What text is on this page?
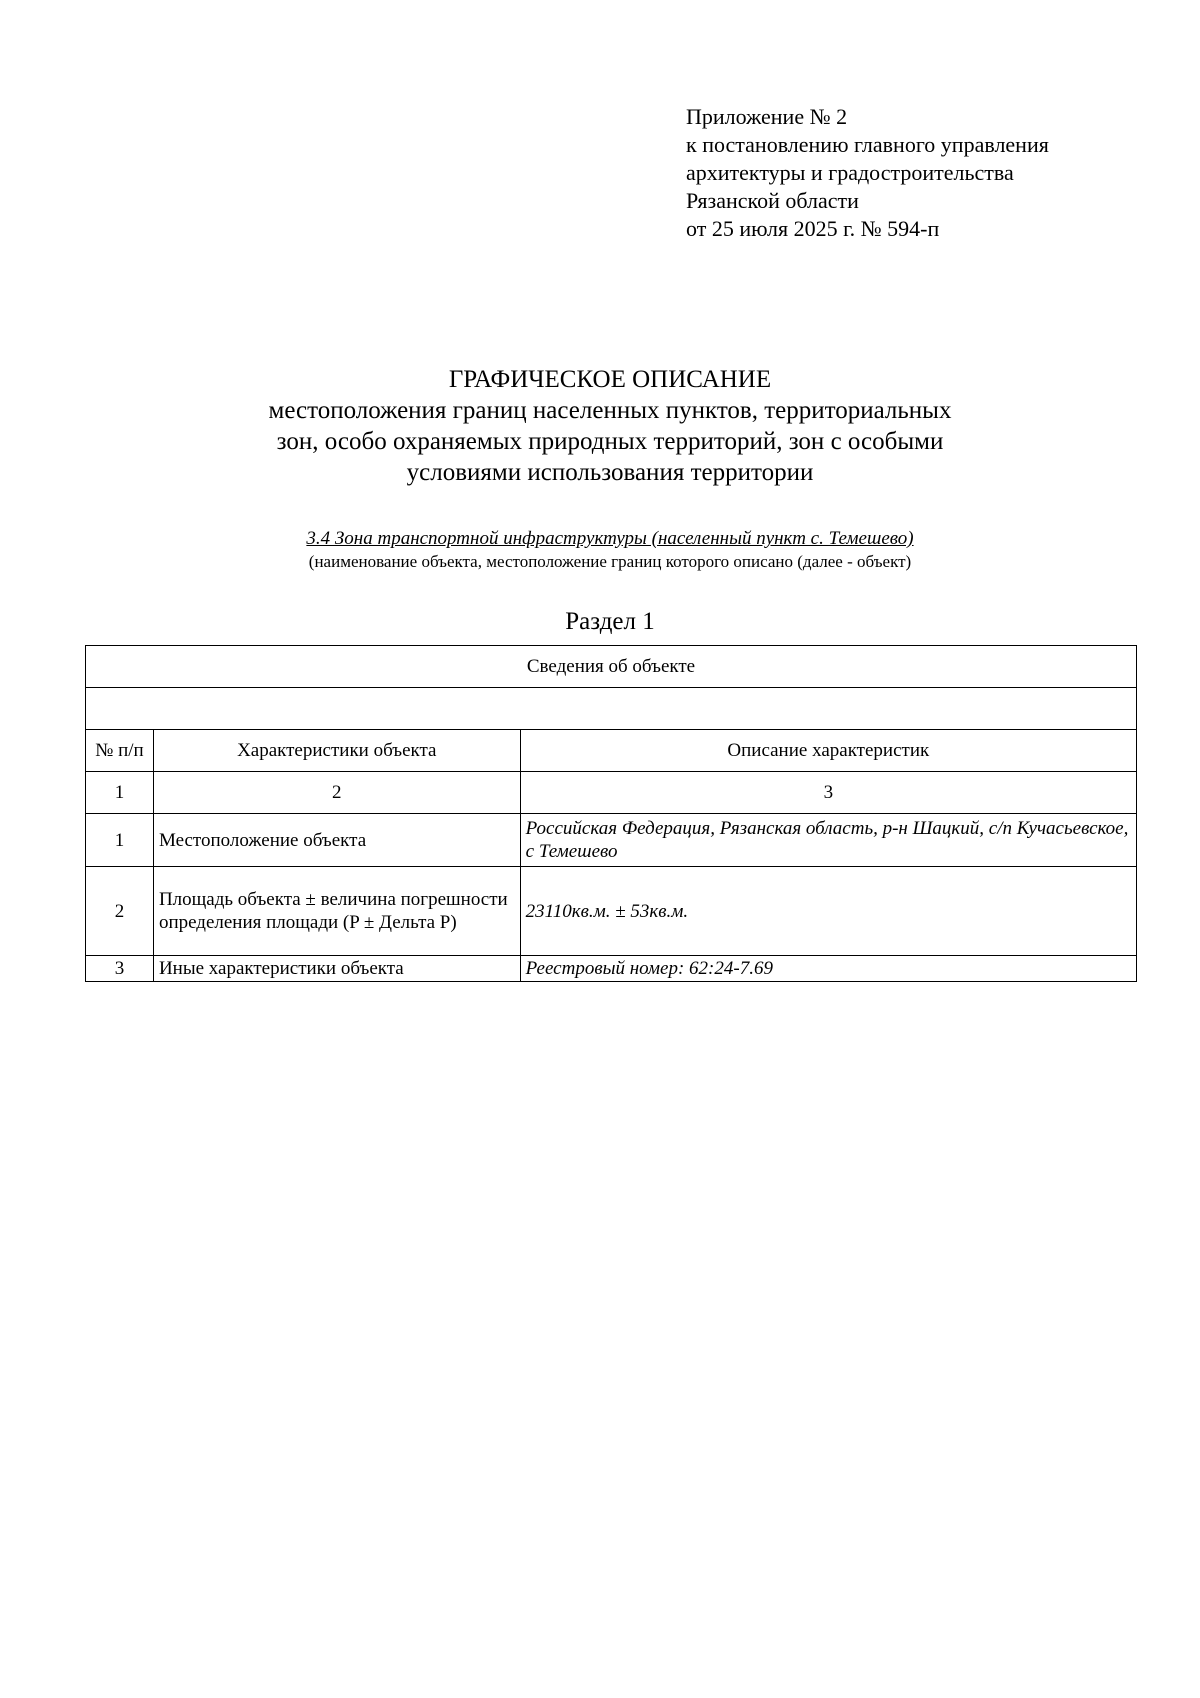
Приложение № 2
к постановлению главного управления
архитектуры и градостроительства
Рязанской области
от 25 июля 2025 г. № 594-п
ГРАФИЧЕСКОЕ ОПИСАНИЕ
местоположения границ населенных пунктов, территориальных
зон, особо охраняемых природных территорий, зон с особыми
условиями использования территории
3.4 Зона транспортной инфраструктуры (населенный пункт с. Темешево)
(наименование объекта, местоположение границ которого описано (далее - объект)
Раздел 1
Сведения об объекте		

№ п/п	Характеристики объекта	Описание характеристик
1	2	3
1	Местоположение объекта	Российская Федерация, Рязанская область, р-н Шацкий, с/п Кучасьевское, с Темешево
2	Площадь объекта ± величина погрешности определения площади (P ± Дельта P)	23110кв.м. ± 53кв.м.
3	Иные характеристики объекта	Реестровый номер: 62:24-7.69
